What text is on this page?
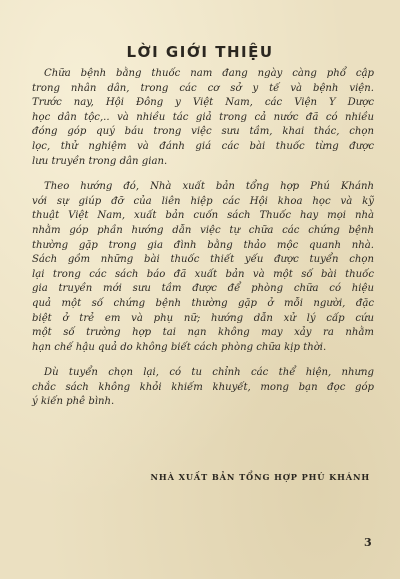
LỜI GIỚI THIỆU
Chữa bệnh bằng thuốc nam đang ngày càng phổ cập
trong nhân dân, trong các cơ sở y tế và bệnh viện.
Trước nay, Hội Đông y Việt Nam, các Viện Y Dược
học dân tộc,.. và nhiều tác giả trong cả nước đã có nhiều
đóng góp quý báu trong việc sưu tầm, khai thác, chọn
lọc, thử nghiệm và đánh giá các bài thuốc từng được
lưu truyền trong dân gian.
Theo hướng đó, Nhà xuất bản tổng hợp Phú Khánh
với sự giúp đỡ của liên hiệp các Hội khoa học và kỹ
thuật Việt Nam, xuất bản cuốn sách Thuốc hay mọi nhà
nhằm góp phần hướng dẫn việc tự chữa các chứng bệnh
thường gặp trong gia đình bằng thảo mộc quanh nhà.
Sách gồm những bài thuốc thiết yếu được tuyển chọn
lại trong các sách báo đã xuất bản và một số bài thuốc
gia truyền mới sưu tầm được để phòng chữa có hiệu
quả một số chứng bệnh thường gặp ở mỗi người, đặc
biệt ở trẻ em và phụ nữ; hướng dẫn xử lý cấp cứu
một số trường hợp tai nạn không may xảy ra nhằm
hạn chế hậu quả do không biết cách phòng chữa kịp thời.
Dù tuyển chọn lại, có tu chỉnh các thể hiện, nhưng
chắc sách không khỏi khiếm khuyết, mong bạn đọc góp
ý kiến phê bình.
NHÀ XUẤT BẢN TỔNG HỢP PHÚ KHÁNH
3
